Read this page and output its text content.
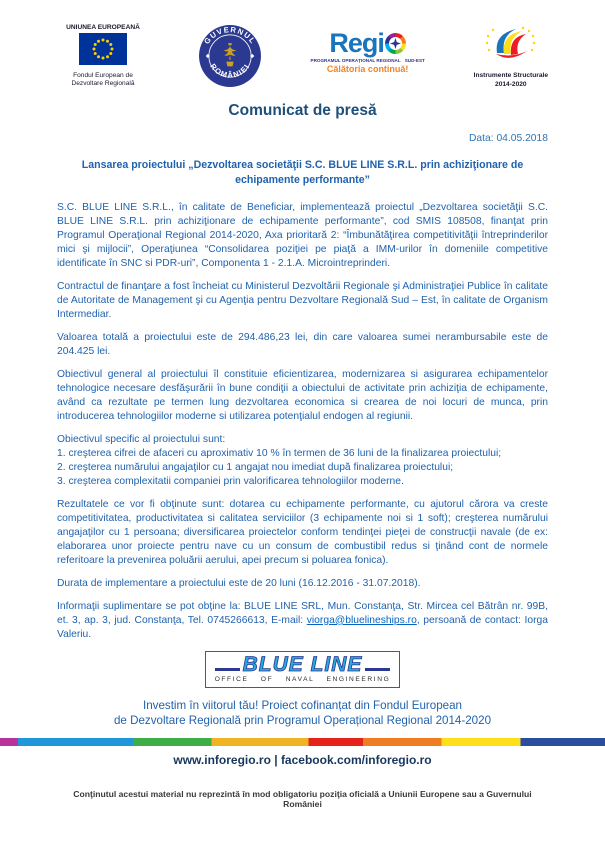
UNIUNEA EUROPEANĂ
Fondul European de Dezvoltare Regională
GUVERNUL
ROMÂNIEI
Regi
PROGRAMUL OPERAȚIONAL REGIONAL SUD-EST
Călătoria continuă!
Instrumente Structurale
2014-2020
Comunicat de presă
Data: 04.05.2018
Lansarea proiectului „Dezvoltarea societăţii S.C. BLUE LINE S.R.L. prin achiziţionare de echipamente performante”

S.C. BLUE LINE S.R.L., în calitate de Beneficiar, implementează proiectul „Dezvoltarea societăţii S.C. BLUE LINE S.R.L. prin achiziţionare de echipamente performante”, cod SMIS 108508, finanţat prin Programul Operaţional Regional 2014-2020, Axa prioritară 2: “Îmbunătăţirea competitivităţii întreprinderilor mici şi mijlocii”, Operaţiunea “Consolidarea poziţiei pe piaţă a IMM-urilor în domeniile competitive identificate în SNC si PDR-uri”, Componenta 1 - 2.1.A. Microintreprinderi.

Contractul de finanţare a fost încheiat cu Ministerul Dezvoltării Regionale şi Administraţiei Publice în calitate de Autoritate de Management şi cu Agenţia pentru Dezvoltare Regională Sud – Est, în calitate de Organism Intermediar.

Valoarea totală a proiectului este de 294.486,23 lei, din care valoarea sumei nerambursabile este de 204.425 lei.

Obiectivul general al proiectului îl constituie eficientizarea, modernizarea si asigurarea echipamentelor tehnologice necesare desfăşurării în bune condiţii a obiectului de activitate prin achiziţia de echipamente, având ca rezultate pe termen lung dezvoltarea economica si crearea de noi locuri de munca, prin introducerea tehnologiilor moderne si utilizarea potenţialul endogen al regiunii.

Obiectivul specific al proiectului sunt:

1. creşterea cifrei de afaceri cu aproximativ 10 % în termen de 36 luni de la finalizarea proiectului;

2. creşterea numărului angajaţilor cu 1 angajat nou imediat după finalizarea proiectului;

3. creşterea complexitatii companiei prin valorificarea tehnologiilor moderne.

Rezultatele ce vor fi obţinute sunt: dotarea cu echipamente performante, cu ajutorul cărora va creste competitivitatea, productivitatea si calitatea serviciilor (3 echipamente noi si 1 soft); creşterea numărului angajaţilor cu 1 persoana; diversificarea proiectelor conform tendinţei pieţei de construcţii navale (de ex: elaborarea unor proiecte pentru nave cu un consum de combustibil redus si ţinând cont de normele referitoare la prevenirea poluării aerului, apei precum si poluarea fonica).

Durata de implementare a proiectului este de 20 luni (16.12.2016 - 31.07.2018).

Informaţii suplimentare se pot obţine la: BLUE LINE SRL, Mun. Constanţa, Str. Mircea cel Bătrân nr. 99B, et. 3, ap. 3, jud. Constanţa, Tel. 0745266613, E-mail: viorga@bluelineships.ro, persoană de contact: Iorga Valeriu.

BLUE LINE
OFFICE OF NAVAL ENGINEERING
Investim în viitorul tău! Proiect cofinanțat din Fondul European
de Dezvoltare Regională prin Programul Operațional Regional 2014-2020
www.inforegio.ro | facebook.com/inforegio.ro
Conţinutul acestui material nu reprezintă în mod obligatoriu poziţia oficială a Uniunii Europene sau a Guvernului României
